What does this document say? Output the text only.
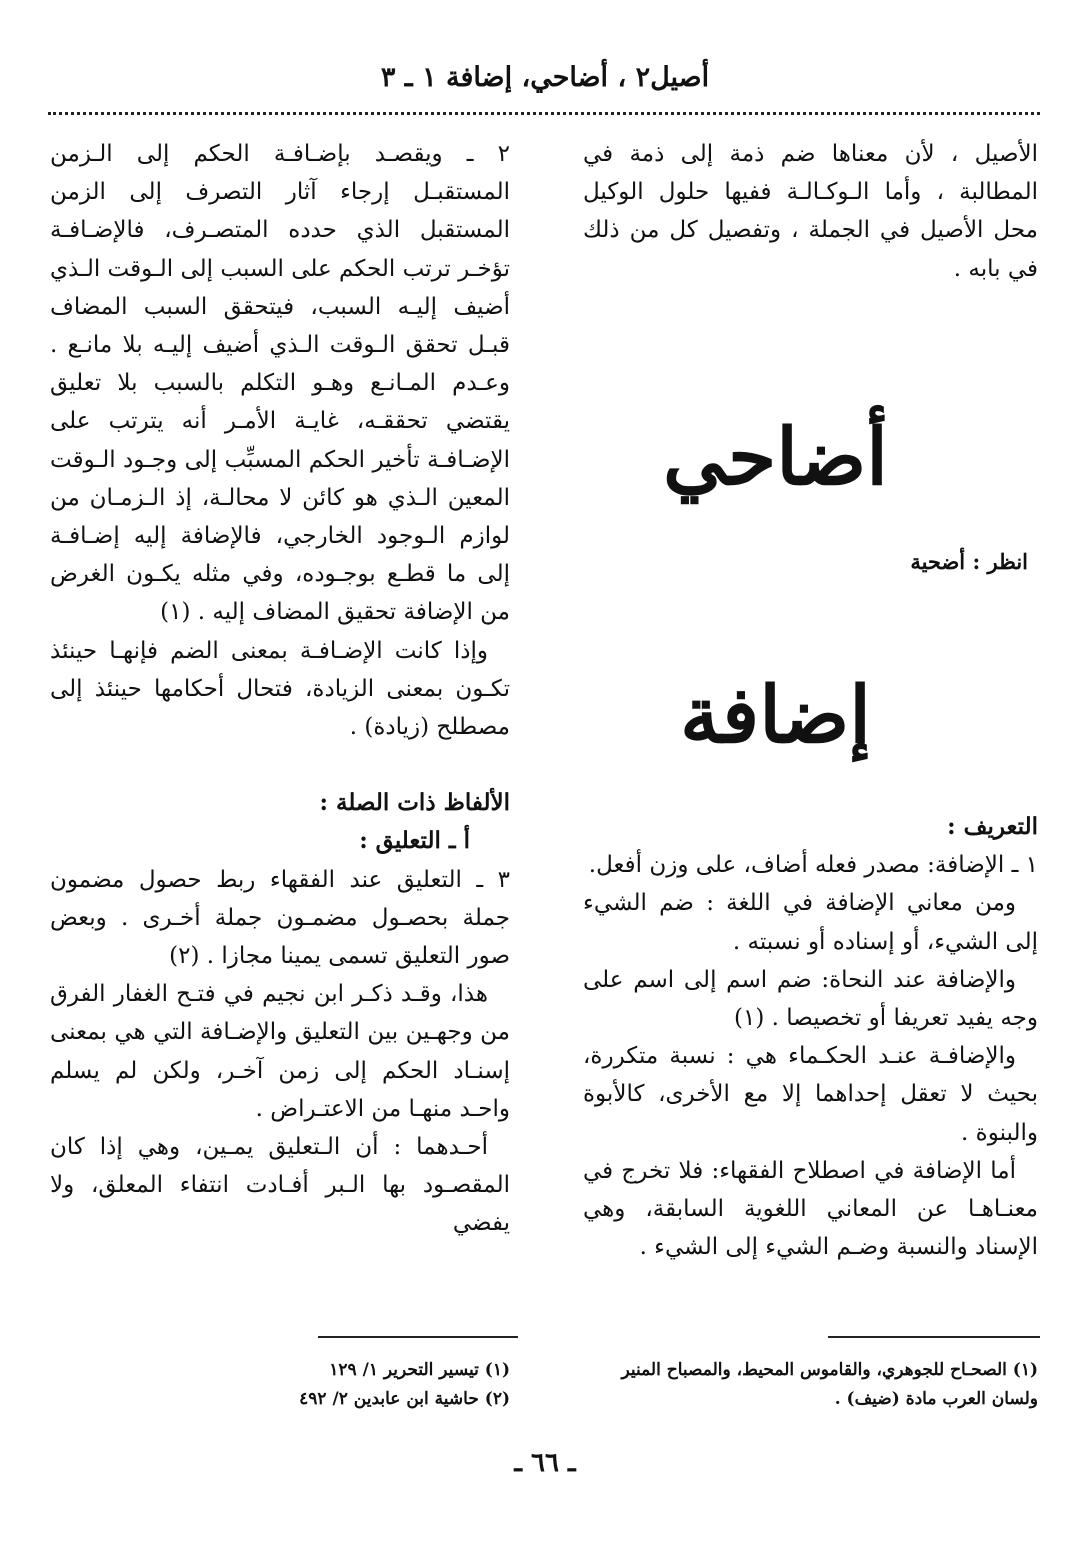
أصيل٢ ، أضاحي، إضافة ١ ـ ٣

الأصيل ، لأن معناها ضم ذمة إلى ذمة في المطالبة ، وأما الـوكـالـة ففيها حلول الوكيل محل الأصيل في الجملة ، وتفصيل كل من ذلك في بابه .

أضاحي

انظر : أضحية

إضافة

التعريف :

١ ـ الإضافة: مصدر فعله أضاف، على وزن أفعل.

ومن معاني الإضافة في اللغة : ضم الشيء إلى الشيء، أو إسناده أو نسبته .

والإضافة عند النحاة: ضم اسم إلى اسم على وجه يفيد تعريفا أو تخصيصا . (١)

والإضافـة عنـد الحكـماء هي : نسبة متكررة، بحيث لا تعقل إحداهما إلا مع الأخرى، كالأبوة والبنوة .

أما الإضافة في اصطلاح الفقهاء: فلا تخرج في معنـاهـا عن المعاني اللغوية السابقة، وهي الإسناد والنسبة وضـم الشيء إلى الشيء .

٢ ـ ويقصـد بإضـافـة الحكم إلى الـزمن المستقبـل إرجاء آثار التصرف إلى الزمن المستقبل الذي حدده المتصـرف، فالإضـافـة تؤخـر ترتب الحكم على السبب إلى الـوقت الـذي أضيف إليـه السبب، فيتحقق السبب المضاف قبـل تحقق الـوقت الـذي أضيف إليـه بلا مانـع . وعـدم المـانـع وهـو التكلم بالسبب بلا تعليق يقتضي تحققـه، غايـة الأمـر أنه يترتب على الإضـافـة تأخير الحكم المسبِّب إلى وجـود الـوقت المعين الـذي هو كائن لا محالـة، إذ الـزمـان من لوازم الـوجود الخارجي، فالإضافة إليه إضـافـة إلى ما قطـع بوجـوده، وفي مثله يكـون الغرض من الإضافة تحقيق المضاف إليه . (١)

وإذا كانت الإضـافـة بمعنى الضم فإنهـا حينئذ تكـون بمعنى الزيادة، فتحال أحكامها حينئذ إلى مصطلح (زيادة) .

الألفاظ ذات الصلة :

أ ـ التعليق :

٣ ـ التعليق عند الفقهاء ربط حصول مضمون جملة بحصـول مضمـون جملة أخـرى . وبعض صور التعليق تسمى يمينا مجازا . (٢)

هذا، وقـد ذكـر ابن نجيم في فتـح الغفار الفرق من وجهـين بين التعليق والإضـافة التي هي بمعنى إسنـاد الحكم إلى زمن آخـر، ولكن لم يسلم واحـد منهـا من الاعتـراض .

أحـدهما : أن الـتعليق يمـين، وهي إذا كان المقصـود بها الـبر أفـادت انتفاء المعلق، ولا يفضي

(١) الصحـاح للجوهري، والقاموس المحيط، والمصباح المنير ولسان العرب مادة (ضيف) .

(١) تيسير التحرير ١/ ١٢٩

(٢) حاشية ابن عابدين ٢/ ٤٩٢

ـ ٦٦ ـ
